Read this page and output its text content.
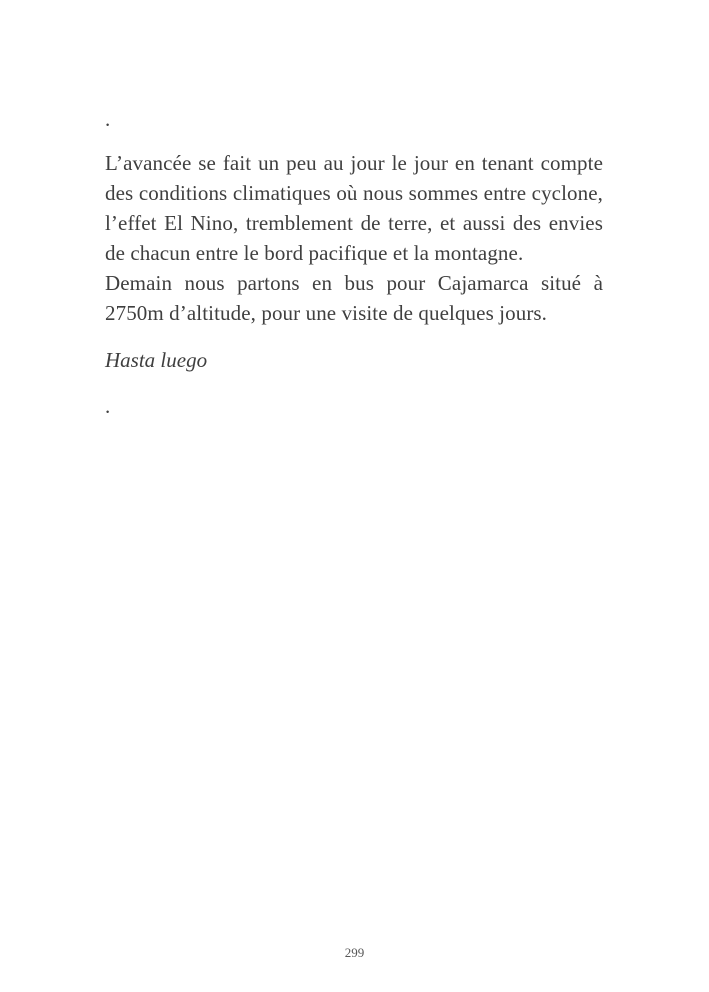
.

L’avancée se fait un peu au jour le jour en tenant compte des conditions climatiques où nous sommes entre cyclone, l’effet El Nino, tremblement de terre, et aussi des envies de chacun entre le bord pacifique et la montagne.

Demain nous partons en bus pour Cajamarca situé à 2750m d’altitude, pour une visite de quelques jours.

Hasta luego

.

299
